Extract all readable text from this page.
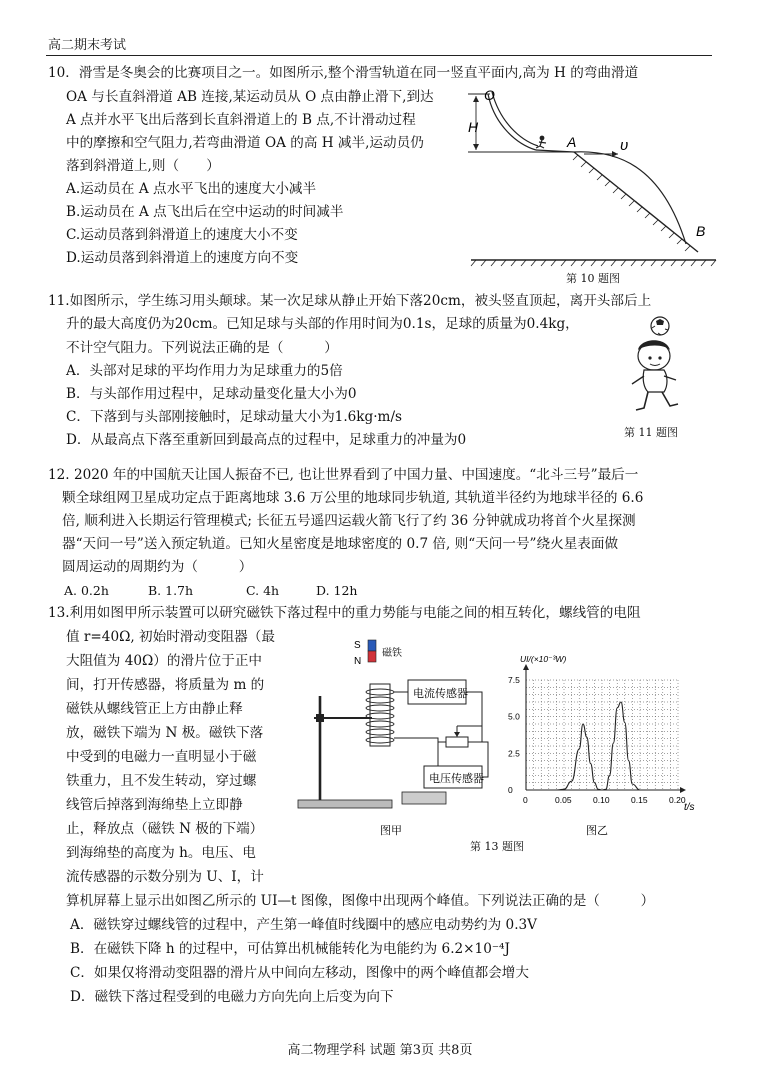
高二期末考试
10．滑雪是冬奥会的比赛项目之一。如图所示,整个滑雪轨道在同一竖直平面内,高为 H 的弯曲滑道
OA 与长直斜滑道 AB 连接,某运动员从 O 点由静止滑下,到达
A 点并水平飞出后落到长直斜滑道上的 B 点,不计滑动过程
中的摩擦和空气阻力,若弯曲滑道 OA 的高 H 减半,运动员仍
落到斜滑道上,则（　　）
A.运动员在 A 点水平飞出的速度大小减半
B.运动员在 A 点飞出后在空中运动的时间减半
C.运动员落到斜滑道上的速度大小不变
D.运动员落到斜滑道上的速度方向不变
O
H
A	υ
B
第 10 题图
11.如图所示，学生练习用头颠球。某一次足球从静止开始下落20cm，被头竖直顶起，离开头部后上
升的最大高度仍为20cm。已知足球与头部的作用时间为0.1s，足球的质量为0.4kg，
不计空气阻力。下列说法正确的是（　　　）
A．头部对足球的平均作用力为足球重力的5倍
B．与头部作用过程中，足球动量变化量大小为0
C．下落到与头部刚接触时，足球动量大小为1.6kg·m/s
D．从最高点下落至重新回到最高点的过程中，足球重力的冲量为0	第 11 题图
12. 2020 年的中国航天让国人振奋不已, 也让世界看到了中国力量、中国速度。“北斗三号”最后一
颗全球组网卫星成功定点于距离地球 3.6 万公里的地球同步轨道, 其轨道半径约为地球半径的 6.6
倍, 顺利进入长期运行管理模式; 长征五号遥四运载火箭飞行了约 36 分钟就成功将首个火星探测
器“天问一号”送入预定轨道。已知火星密度是地球密度的 0.7 倍, 则“天问一号”绕火星表面做
圆周运动的周期约为（　　　）
A. 0.2h	B. 1.7h	C. 4h	D. 12h
13.利用如图甲所示装置可以研究磁铁下落过程中的重力势能与电能之间的相互转化，螺线管的电阻
值 r=40Ω, 初始时滑动变阻器（最
大阻值为 40Ω）的滑片位于正中
间，打开传感器，将质量为 m 的
磁铁从螺线管正上方由静止释
放，磁铁下端为 N 极。磁铁下落
中受到的电磁力一直明显小于磁
铁重力，且不发生转动，穿过螺
线管后掉落到海绵垫上立即静
止，释放点（磁铁 N 极的下端）
到海绵垫的高度为 h。电压、电
流传感器的示数分别为 U、I，计
算机屏幕上显示出如图乙所示的 UI—t 图像，图像中出现两个峰值。下列说法正确的是（　　　）
A．磁铁穿过螺线管的过程中，产生第一峰值时线圈中的感应电动势约为 0.3V
B．在磁铁下降 h 的过程中，可估算出机械能转化为电能约为 6.2×10⁻⁴J
C．如果仅将滑动变阻器的滑片从中间向左移动，图像中的两个峰值都会增大
D．磁铁下落过程受到的电磁力方向先向上后变为向下
S
N
磁铁
电流传感器
电压传感器
图甲
UI/(×10⁻³W)
t/s
0	0.05	0.10	0.15	0.20
0
2.5
5.0
7.5
图乙
第 13 题图
高二物理学科 试题 第3页 共8页
